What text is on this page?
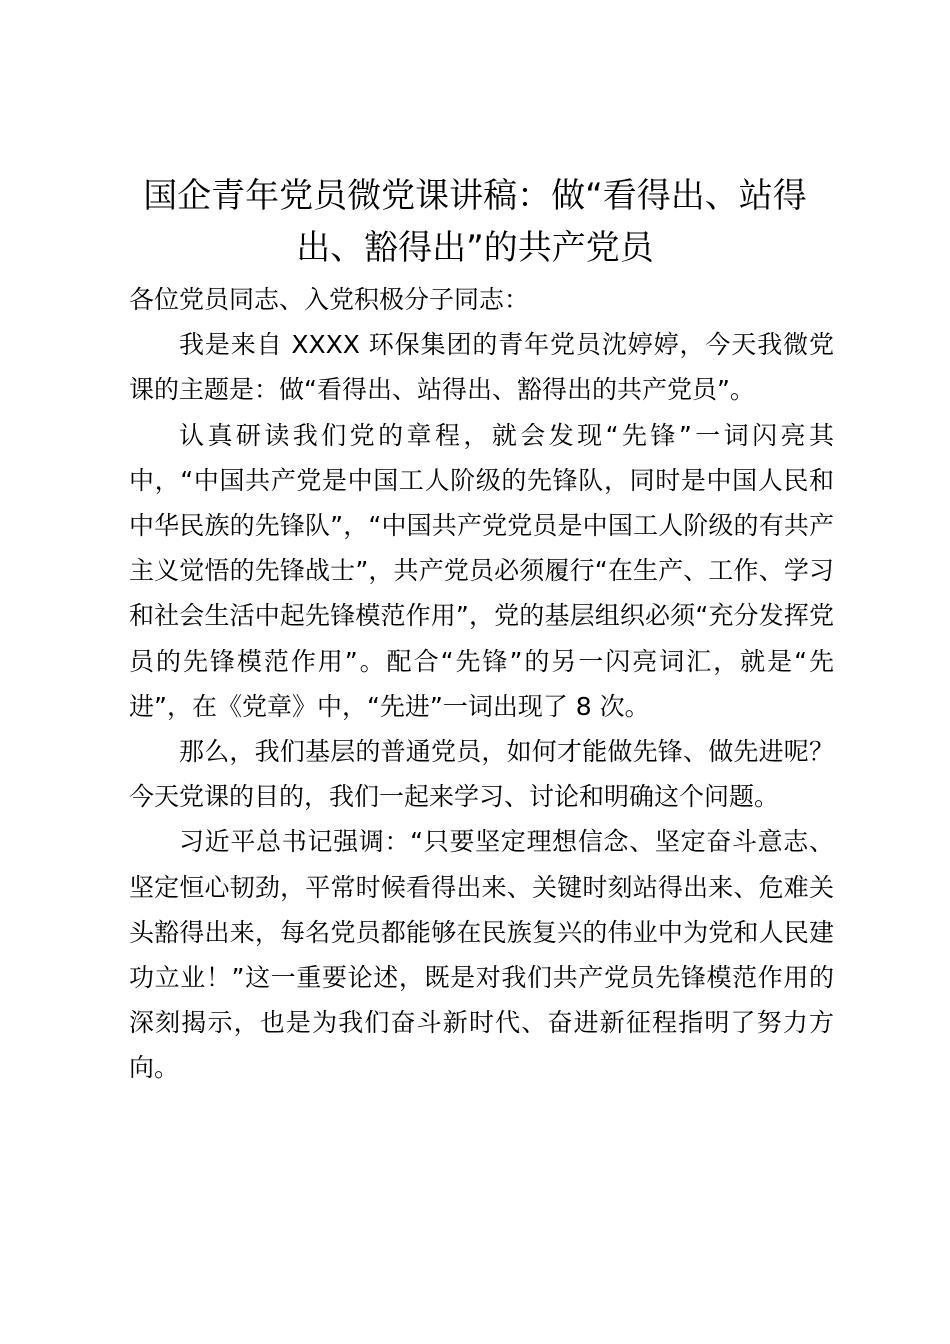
国企青年党员微党课讲稿：做“看得出、站得出、豁得出”的共产党员

各位党员同志、入党积极分子同志：

我是来自 XXXX 环保集团的青年党员沈婷婷，今天我微党课的主题是：做“看得出、站得出、豁得出的共产党员”。

认真研读我们党的章程，就会发现“先锋”一词闪亮其中，“中国共产党是中国工人阶级的先锋队，同时是中国人民和中华民族的先锋队”，“中国共产党党员是中国工人阶级的有共产主义觉悟的先锋战士”，共产党员必须履行“在生产、工作、学习和社会生活中起先锋模范作用”，党的基层组织必须“充分发挥党员的先锋模范作用”。配合“先锋”的另一闪亮词汇，就是“先进”，在《党章》中，“先进”一词出现了 8 次。

那么，我们基层的普通党员，如何才能做先锋、做先进呢？今天党课的目的，我们一起来学习、讨论和明确这个问题。

习近平总书记强调：“只要坚定理想信念、坚定奋斗意志、坚定恒心韧劲，平常时候看得出来、关键时刻站得出来、危难关头豁得出来，每名党员都能够在民族复兴的伟业中为党和人民建功立业！”这一重要论述，既是对我们共产党员先锋模范作用的深刻揭示，也是为我们奋斗新时代、奋进新征程指明了努力方向。
